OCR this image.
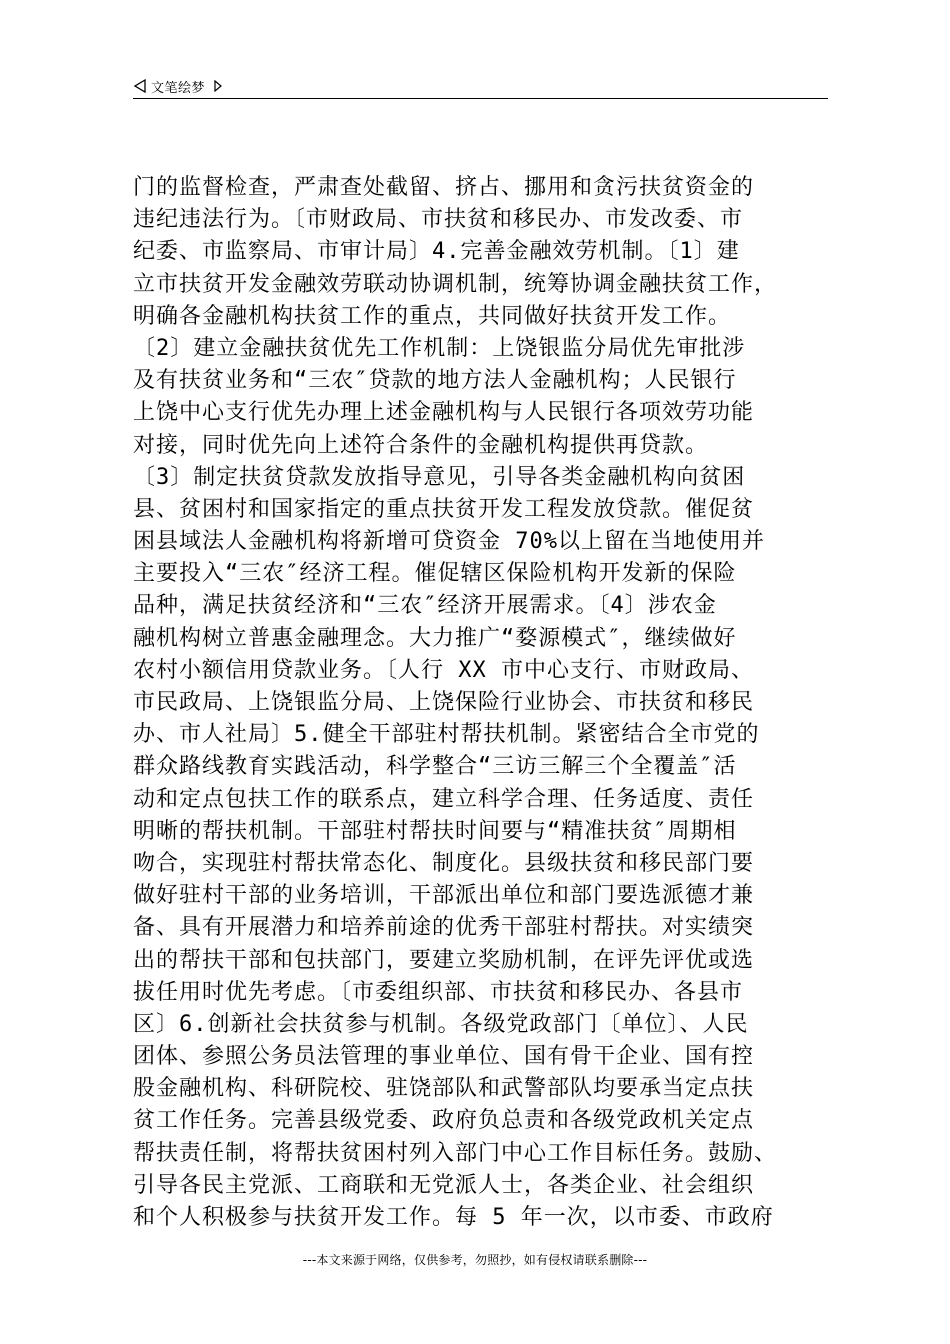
文笔绘梦
门的监督检查，严肃查处截留、挤占、挪用和贪污扶贫资金的
违纪违法行为。〔市财政局、市扶贫和移民办、市发改委、市
纪委、市监察局、市审计局〕4.完善金融效劳机制。〔1〕建
立市扶贫开发金融效劳联动协调机制，统筹协调金融扶贫工作，
明确各金融机构扶贫工作的重点，共同做好扶贫开发工作。
〔2〕建立金融扶贫优先工作机制：上饶银监分局优先审批涉
及有扶贫业务和“三农″贷款的地方法人金融机构；人民银行
上饶中心支行优先办理上述金融机构与人民银行各项效劳功能
对接，同时优先向上述符合条件的金融机构提供再贷款。
〔3〕制定扶贫贷款发放指导意见，引导各类金融机构向贫困
县、贫困村和国家指定的重点扶贫开发工程发放贷款。催促贫
困县域法人金融机构将新增可贷资金 70%以上留在当地使用并
主要投入“三农″经济工程。催促辖区保险机构开发新的保险
品种，满足扶贫经济和“三农″经济开展需求。〔4〕涉农金
融机构树立普惠金融理念。大力推广“婺源模式″，继续做好
农村小额信用贷款业务。〔人行 XX 市中心支行、市财政局、
市民政局、上饶银监分局、上饶保险行业协会、市扶贫和移民
办、市人社局〕5.健全干部驻村帮扶机制。紧密结合全市党的
群众路线教育实践活动，科学整合“三访三解三个全覆盖″活
动和定点包扶工作的联系点，建立科学合理、任务适度、责任
明晰的帮扶机制。干部驻村帮扶时间要与“精准扶贫″周期相
吻合，实现驻村帮扶常态化、制度化。县级扶贫和移民部门要
做好驻村干部的业务培训，干部派出单位和部门要选派德才兼
备、具有开展潜力和培养前途的优秀干部驻村帮扶。对实绩突
出的帮扶干部和包扶部门，要建立奖励机制，在评先评优或选
拔任用时优先考虑。〔市委组织部、市扶贫和移民办、各县市
区〕6.创新社会扶贫参与机制。各级党政部门〔单位〕、人民
团体、参照公务员法管理的事业单位、国有骨干企业、国有控
股金融机构、科研院校、驻饶部队和武警部队均要承当定点扶
贫工作任务。完善县级党委、政府负总责和各级党政机关定点
帮扶责任制，将帮扶贫困村列入部门中心工作目标任务。鼓励、
引导各民主党派、工商联和无党派人士，各类企业、社会组织
和个人积极参与扶贫开发工作。每 5 年一次，以市委、市政府
---本文来源于网络，仅供参考，勿照抄，如有侵权请联系删除---
